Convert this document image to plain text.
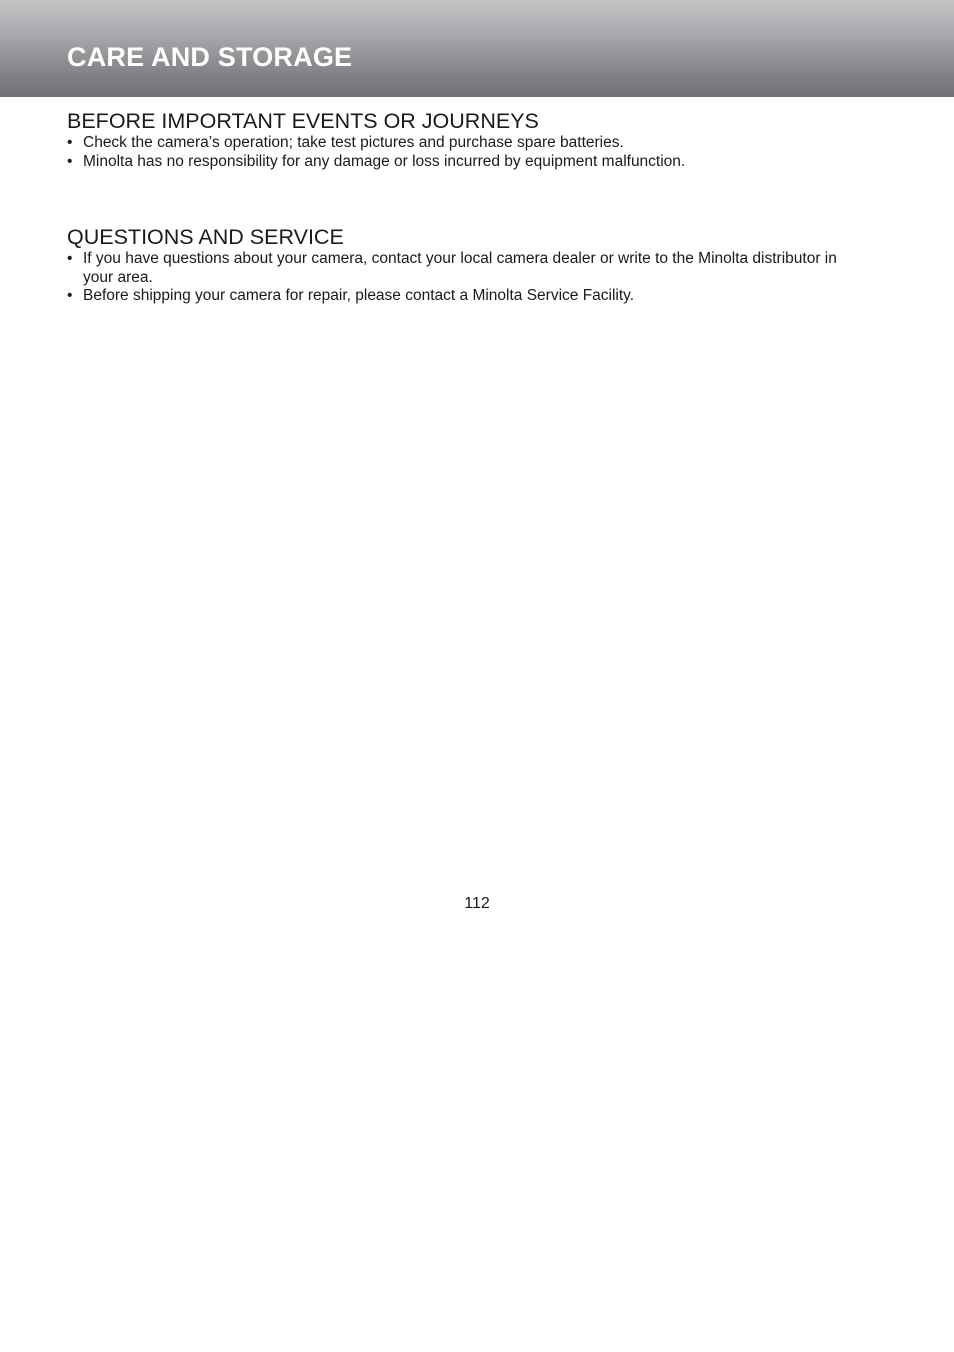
CARE AND STORAGE
BEFORE IMPORTANT EVENTS OR JOURNEYS
• Check the camera’s operation; take test pictures and purchase spare batteries.
• Minolta has no responsibility for any damage or loss incurred by equipment malfunction.
QUESTIONS AND SERVICE
• If you have questions about your camera, contact your local camera dealer or write to the Minolta distributor in your area.
• Before shipping your camera for repair, please contact a Minolta Service Facility.
112
